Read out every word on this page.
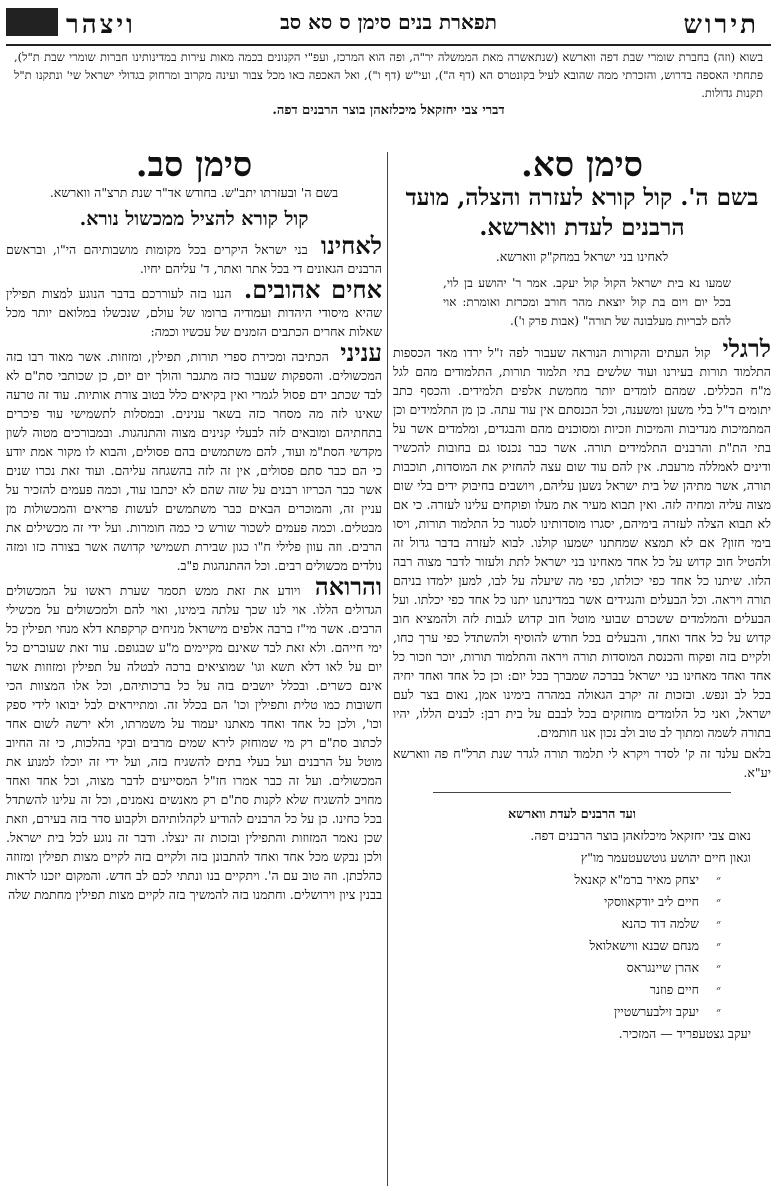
תירוש
תפארת בנים סימן ס סא סב
ויצהר
בשוא (וזה) בחברת שומרי שבת דפה ווארשא (שנתאשרה מאת הממשלה יר"ה, ופה הוא המרכז, ועפ"י הקנונים בכמה מאות עירות במדינותינו חברות שומרי שבת ת"ל), פתחתי האספה בדרוש, והזכרתי ממה שהובא לעיל בקונטרס הא (דף ה"), ועי"ש (דף ו"), ואל האכפה באו מכל צבור ועינה מקרוב ומרחוק בגדולי ישראל שי' ונתקנו ת"ל תקנות גדולות.
דברי צבי יחזקאל מיכלזאהן בוצר הרבנים דפה.
סימן סא.
בשם ה'. קול קורא לעזרה והצלה, מועד הרבנים לעדת ווארשא.
לאחינו בני ישראל במחק"ק ווארשא.
שמעו נא בית ישראל הקול קול יעקב. אמר ר' יהושע בן לוי, בכל יום ויום בת קול יוצאת מהר חורב ומכרזת ואומרת: אוי להם לבריות מעלבונה של תורה" (אבות פרק ו').
לרגלי קול העתים והקורות הנוראה שעבור לפה ז"ל ירדו מאד הכספות התלמוד תורות בעירנו ועוד שלשים בתי תלמוד תורות, התלמודים מהם לגל מ"ח הכללים. שמהם לומדים יותר מחמשת אלפים תלמידים. והכסף כתב יתומים ד"ל בלי משען ומשענה, וכל הכנסתם אין עוד עתה. כן מן התלמידים וכן המתמיכות מנדיבות והמיכות וזכיות ומסוכנים מהם והבגדים, ומלמדים אשר על בתי הת"ת והרבנים התלמידים תורה. אשר כבר נכנסו גם בחובות להכשיר ודינים לאמללה מרעבת. אין להם עוד שום עצה להחזיק את המוסדות, תוכבות תורה, אשר מתיהן של בית ישראל נשען עליהם, ויושבים בחיבוק ידים בלי שום מצוה עליה ומחיה לזה. ואין תבוא מעיר את מעלו ופוקחים עלינו לעזרה. כי אם לא תבוא הצלה לעזרה בימיהם, יסגרו מוסדותינו לסגור כל התלמוד תורות, ויסו בימי חזון? אם לא תמצא שמחתנו ישמעו קולנו. לבוא לעזרה בדבר גדול זה ולהטיל חוב קדוש על כל אחד מאחינו בני ישראל לתת ולעזור לדבר מצוה רבה הלזו. שיתנו כל אחד כפי יכולתו, כפי מה שיעלה על לבו, למען ילמדו בניהם תורה ויראה. וכל הבעלים והנגידים אשר במדינתנו יתנו כל אחד כפי יכלתו. ועל הבעלים והמלמדים ששכרם שבועי מוטל חוב קדוש לגבות לזה ולהמציא חוב קדוש על כל אחד ואחד, והבעלים בכל חודש להוסיף ולהשתדל כפי ערך כחו, ולקיים בזה ופקוח והכנסת המוסדות תורה ויראה והתלמוד תורות, יוכר וזכור כל אחד ואחד מאחינו בני ישראל בברכה שמברך בכל יום: וכן כל אחד ואחד יחיה בכל לב ונפש. ובזכות זה יקרב הגאולה במהרה בימינו אמן, נאום בצר לעם ישראל, ואני כל הלומדים מוחזקים בכל לבבם על בית רבן: לבנים הללו, יהיו בתורה לשמה ומתוך לב טוב ולב נכון אנו חותמים.
בלאם עלנד זה ק' לסדר ויקרא לי תלמוד תורה לגדר שנת תרל"ח פה ווארשא יע"א.
ועד הרבנים לעדת ווארשא
נאום צבי יחזקאל מיכלזאהן בוצר הרבנים דפה.
וגאון חיים יהושע גוטשעטעמר מו"ץ
״יצחק מאיר ברמ"א קאנאל
״חיים ליב יודקאווסקי
״שלמה דוד כהנא
״מנחם שבנא ווישאלואל
״אהרן שיינגראס
״חיים פוזנר
״יעקב זילבערשטיין
יעקב גצטעפריד — המזכיר.
סימן סב.
בשם ה' ובעזרתו יתב"ש. בחודש אד"ר שנת תרצ"ה ווארשא.
קול קורא להציל ממכשול נורא.
לאחינו בני ישראל היקרים בכל מקומות מושבותיהם הי"ו, ובראשם הרבנים הגאונים די בכל אתר ואתר, ד' עליהם יחיו.
אחים אהובים. הננו בזה לעוררכם בדבר הנוגע למצות תפילין שהיא מיסודי היהדות ועמודיה ברומו של עולם, שנכשלו במלואם יותר מכל שאלות אחרים הכתבים הזמנים של עכשיו וכמה:
עניני הכתיבה ומכירת ספרי תורות, תפילין, ומזוזות. אשר מאוד רבו בזה המכשולים. והספקות שעבור כזה מתגבר והולך יום יום, כן שכותבי סת"ם לא לבד שכתב ידם פסול לגמרי ואין בקיאים כלל בטוב צורת אותיות. עוד זה טרעה שאינו לזה מה מסחר כזה בשאר ענינים. ובמסלות לתשמישי עוד פיכרים בתחתיהם ומובאים לזה לבעלי קנינים מצוה והתנהגות. ובמבורכים מטוה לשון מקדשי הסת"מ ועוד, להם משתמשים בהם פסולים, והבוא לו מקור אמת יודע כי הם כבר סתם פסולים, אין זה לזה בהשגחה עליהם. ועוד זאת נכרו שנים אשר כבר הכריזו רבנים על שזה שהם לא יכתבו עוד, וכמה פעמים להזכיר על עניין זה, והמוכרים הבאים כבר משתמשים לעשות פריאים והמכשולות מן מבטלים. וכמה פעמים לשכור שורש כי כמה חומרות. ועל ידי זה מכשילים את הרבים. וזה עוון פלילי ח"ו כגון שבירת תשמישי קדושה אשר בצורה כזו ומזה נולדים מכשולים רבים. וכל ההתנהגות פ"ב.
והרואה ויודע את זאת ממש תסמר שערת ראשו על המכשולים הגדולים הללו. אוי לנו שכך עלתה בימינו, ואוי להם ולמכשולים על מכשילי הרבים. אשר מי"ז ברבה אלפים מישראל מניחים קרקפתא דלא מנחי תפילין כל ימי חייהם. ולא זאת לבד שאינם מקיימים מ"ע שבגופם. עוד זאת שעוברים כל יום על לאו דלא תשא וגו' שמוציאים ברכה לבטלה על תפילין ומזוזות אשר אינם כשרים. ובכלל יושבים בזה על כל ברכותיהם, וכל אלו המצוות הכי חשובות כמו טלית ותפילין וכו' הם בכלל זה. ומתייראים לבל יבואו לידי ספק וכו', ולכן כל אחד ואחד מאתנו יעמוד על משמרתו, ולא ירשה לשום אחד לכתוב סת"ם רק מי שמוחזק לירא שמים מרבים ובקי בהלכות, כי זה החיוב מוטל על הרבנים ועל בעלי בתים להשגיח בזה, ועל ידי זה יוכלו למנוע את המכשולים. ועל זה כבר אמרו חז"ל המסייעים לדבר מצוה, וכל אחד ואחד מחויב להשגיח שלא לקנות סת"ם רק מאנשים נאמנים, וכל זה עלינו להשתדל בכל כחינו. כן על כל הרבנים להודיע לקהלותיהם ולקבוע סדר בזה בעירם, וזאת שכן נאמר המזוזות והתפילין ובזכות זה ינצלו. ודבר זה נוגע לכל בית ישראל. ולכן נבקש מכל אחד ואחד להתבונן בזה ולקיים בזה לקיים מצות תפילין ומזוזה כהלכתן. וזה טוב עם ה'. ויתקיים בנו ונתתי לכם לב חדש. והמקום יזכנו לראות בבנין ציון וירושלים. וחתמנו בזה להמשיך בזה לקיים מצות תפילין מחתמת שלה
